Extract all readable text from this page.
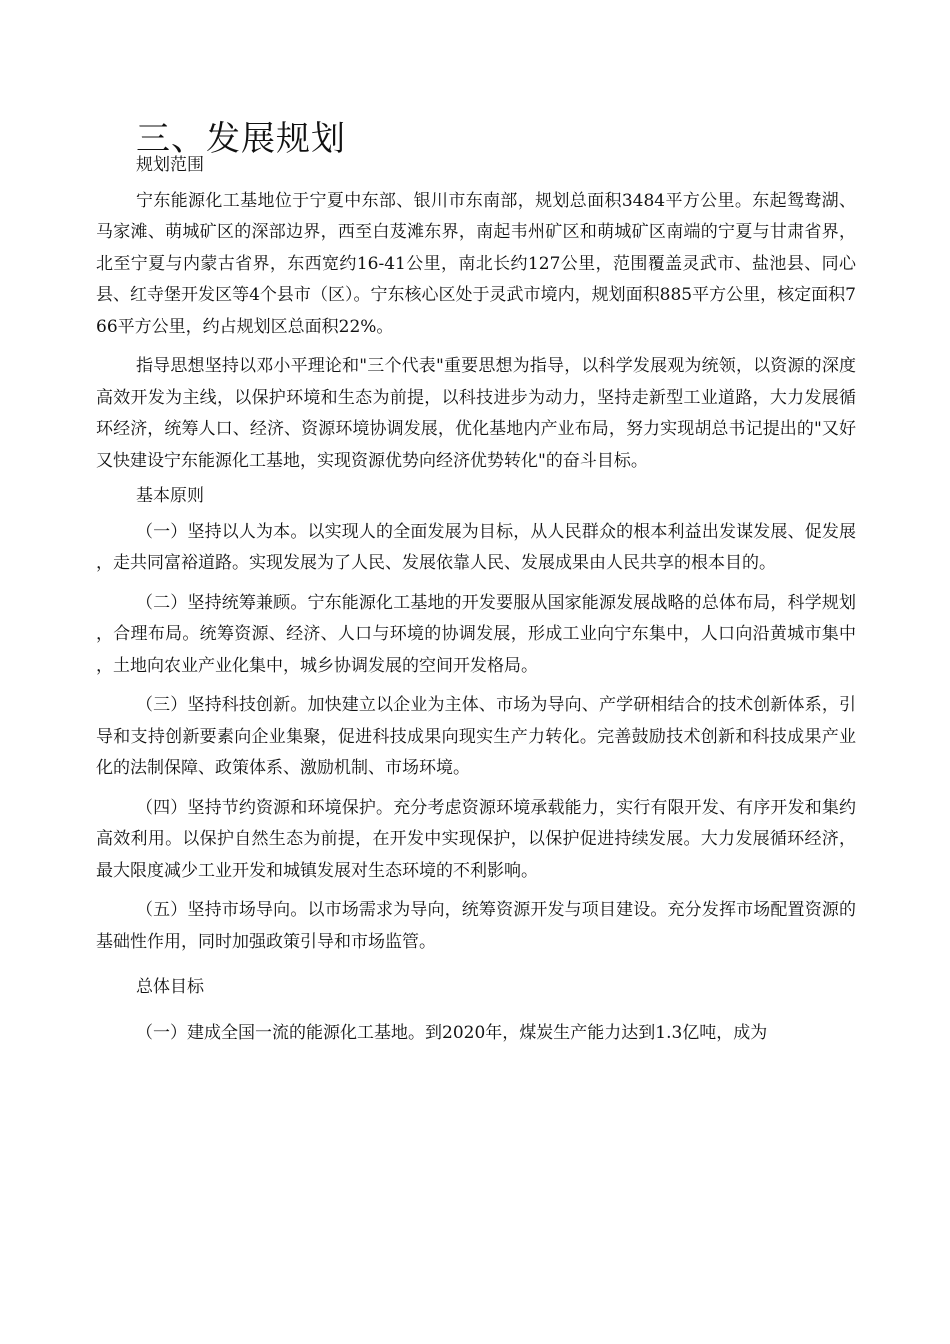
三、发展规划

规划范围

宁东能源化工基地位于宁夏中东部、银川市东南部，规划总面积3484平方公里。东起鸳鸯湖、马家滩、萌城矿区的深部边界，西至白芨滩东界，南起韦州矿区和萌城矿区南端的宁夏与甘肃省界，北至宁夏与内蒙古省界，东西宽约16-41公里，南北长约127公里，范围覆盖灵武市、盐池县、同心县、红寺堡开发区等4个县市（区）。宁东核心区处于灵武市境内，规划面积885平方公里，核定面积766平方公里，约占规划区总面积22%。

指导思想坚持以邓小平理论和"三个代表"重要思想为指导，以科学发展观为统领，以资源的深度高效开发为主线，以保护环境和生态为前提，以科技进步为动力，坚持走新型工业道路，大力发展循环经济，统筹人口、经济、资源环境协调发展，优化基地内产业布局，努力实现胡总书记提出的"又好又快建设宁东能源化工基地，实现资源优势向经济优势转化"的奋斗目标。

基本原则

（一）坚持以人为本。以实现人的全面发展为目标，从人民群众的根本利益出发谋发展、促发展，走共同富裕道路。实现发展为了人民、发展依靠人民、发展成果由人民共享的根本目的。

（二）坚持统筹兼顾。宁东能源化工基地的开发要服从国家能源发展战略的总体布局，科学规划，合理布局。统筹资源、经济、人口与环境的协调发展，形成工业向宁东集中，人口向沿黄城市集中，土地向农业产业化集中，城乡协调发展的空间开发格局。

（三）坚持科技创新。加快建立以企业为主体、市场为导向、产学研相结合的技术创新体系，引导和支持创新要素向企业集聚，促进科技成果向现实生产力转化。完善鼓励技术创新和科技成果产业化的法制保障、政策体系、激励机制、市场环境。

（四）坚持节约资源和环境保护。充分考虑资源环境承载能力，实行有限开发、有序开发和集约高效利用。以保护自然生态为前提，在开发中实现保护，以保护促进持续发展。大力发展循环经济，最大限度减少工业开发和城镇发展对生态环境的不利影响。

（五）坚持市场导向。以市场需求为导向，统筹资源开发与项目建设。充分发挥市场配置资源的基础性作用，同时加强政策引导和市场监管。

总体目标

（一）建成全国一流的能源化工基地。到2020年，煤炭生产能力达到1.3亿吨，成为
